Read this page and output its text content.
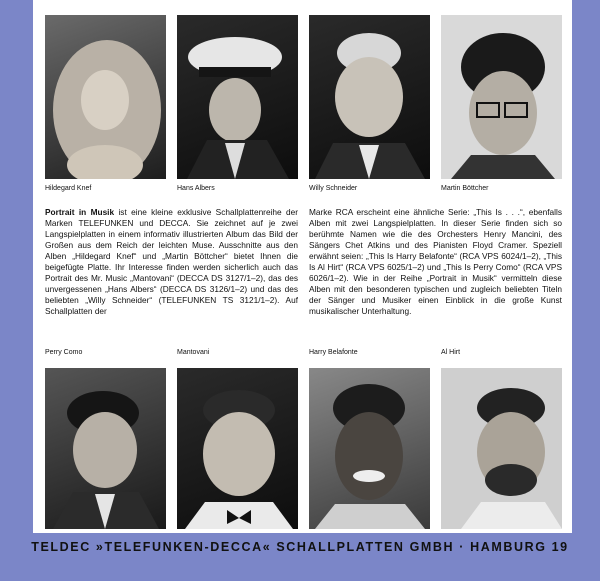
Hildegard Knef	Hans Albers	Willy Schneider	Martin Böttcher
Portrait in Musik ist eine kleine exklusive Schallplattenreihe der Marken TELEFUNKEN und DECCA. Sie zeichnet auf je zwei Langspielplatten in einem informativ illustrierten Album das Bild der Großen aus dem Reich der leichten Muse. Ausschnitte aus den Alben „Hildegard Knef“ und „Martin Böttcher“ bietet Ihnen die beigefügte Platte. Ihr Interesse finden werden sicherlich auch das Portrait des Mr. Music „Mantovani“ (DECCA DS 3127/1–2), das des unvergessenen „Hans Albers“ (DECCA DS 3126/1–2) und das des beliebten „Willy Schneider“ (TELEFUNKEN TS 3121/1–2). Auf Schallplatten der
Marke RCA erscheint eine ähnliche Serie: „This Is . . .“, ebenfalls Alben mit zwei Langspielplatten. In dieser Serie finden sich so berühmte Namen wie die des Orchesters Henry Mancini, des Sängers Chet Atkins und des Pianisten Floyd Cramer. Speziell erwähnt seien: „This Is Harry Belafonte“ (RCA VPS 6024/1–2), „This Is Al Hirt“ (RCA VPS 6025/1–2) und „This Is Perry Como“ (RCA VPS 6026/1–2). Wie in der Reihe „Portrait in Musik“ vermitteln diese Alben mit den besonderen typischen und zugleich beliebten Titeln der Sänger und Musiker einen Einblick in die große Kunst musikalischer Unterhaltung.
Perry Como	Mantovani	Harry Belafonte	Al Hirt
TELDEC »TELEFUNKEN-DECCA« SCHALLPLATTEN GMBH · HAMBURG 19
